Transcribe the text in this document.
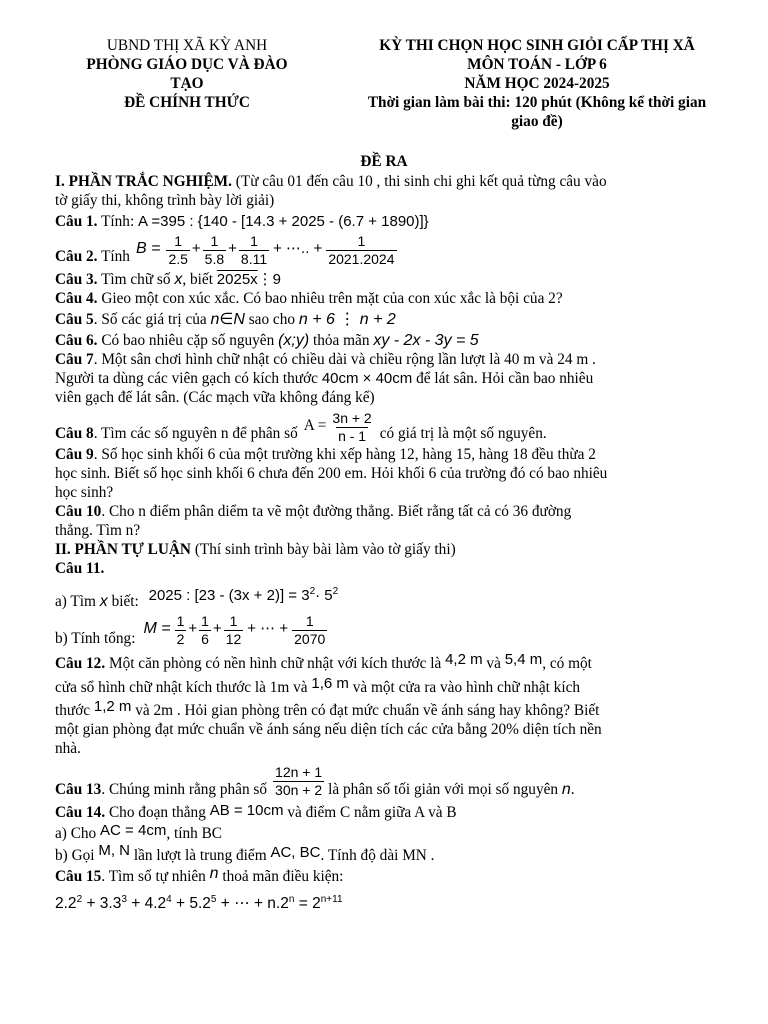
UBND THỊ XÃ KỲ ANH
PHÒNG GIÁO DỤC VÀ ĐÀO
TẠO
ĐỀ CHÍNH THỨC
KỲ THI CHỌN HỌC SINH GIỎI CẤP THỊ XÃ
MÔN TOÁN - LỚP 6
NĂM HỌC 2024-2025
Thời gian làm bài thi: 120 phút (Không kể thời gian
giao đề)
ĐỀ RA

I. PHẦN TRẮC NGHIỆM. (Từ câu 01 đến câu 10 , thi sinh chi ghi kết quả từng câu vào

tờ giấy thi, không trình bày lời giải)

Câu 1. Tính: A =395 : {140 - [14.3 + 2025 - (6.7 + 1890)]}

Câu 2. Tính $B = \frac{1}{2.5} + \frac{1}{5.8} + \frac{1}{8.11}$ + ⋯.. + $\frac{1}{2021.2024}$

Câu 3. Tìm chữ số x, biết 2025x⋮9

Câu 4. Gieo một con xúc xắc. Có bao nhiêu trên mặt của con xúc xắc là bội của 2?

Câu 5. Số các giá trị của n∈N sao cho n + 6 ⋮ n + 2

Câu 6. Có bao nhiêu cặp số nguyên (x;y) thỏa mãn xy - 2x - 3y = 5

Câu 7. Một sân chơi hình chữ nhật có chiều dài và chiều rộng lần lượt là 40 m và 24 m .

Người ta dùng các viên gạch có kích thước 40cm × 40cm để lát sân. Hỏi cần bao nhiêu

viên gạch để lát sân. (Các mạch vữa không đáng kể)

Câu 8. Tìm các số nguyên n để phân số $A = \frac{3n + 2}{n - 1}$ có giá trị là một số nguyên.

Câu 9. Số học sinh khối 6 của một trường khi xếp hàng 12, hàng 15, hàng 18 đều thừa 2

học sinh. Biết số học sinh khối 6 chưa đến 200 em. Hỏi khối 6 của trường đó có bao nhiêu

học sinh?

Câu 10. Cho n điểm phân diểm ta vẽ một đường thẳng. Biết rằng tất cả có 36 đường

thẳng. Tìm n?

II. PHẦN TỰ LUẬN (Thí sinh trình bày bài làm vào tờ giấy thi)

Câu 11.

a) Tìm x biết: 2025 : $[23 - (3x + 2)] = 3^2\cdot 5^2$

b) Tính tổng:
$M = \frac{1}{2} + \frac{1}{6} + \frac{1}{12}$ + ⋯ + $\frac{1}{2070}$

Câu 12. Một căn phòng có nền hình chữ nhật với kích thước là 4,2 m và 5,4 m, có một

cửa sổ hình chữ nhật kích thước là 1m và 1,6 m và một cửa ra vào hình chữ nhật kích

thước 1,2 m và 2m . Hỏi gian phòng trên có đạt mức chuẩn về ánh sáng hay không? Biết

một gian phòng đạt mức chuẩn về ánh sáng nếu diện tích các cửa bằng 20% diện tích nền

nhà.

Câu 13. Chúng minh rằng phân số $\frac{12n + 1}{30n + 2}$ là phân số tối giản với mọi số nguyên n.

Câu 14. Cho đoạn thẳng AB = 10cm và điểm C nằm giữa A và B

a) Cho AC = 4cm, tính BC

b) Gọi M, N lần lượt là trung điểm AC, BC. Tính độ dài MN .

Câu 15. Tìm số tự nhiên n thoả mãn điều kiện:

$2.2^2 + 3.3^3 + 4.2^4 + 5.2^5$ + ⋯ + $n.2^n = 2^{n+11}$
